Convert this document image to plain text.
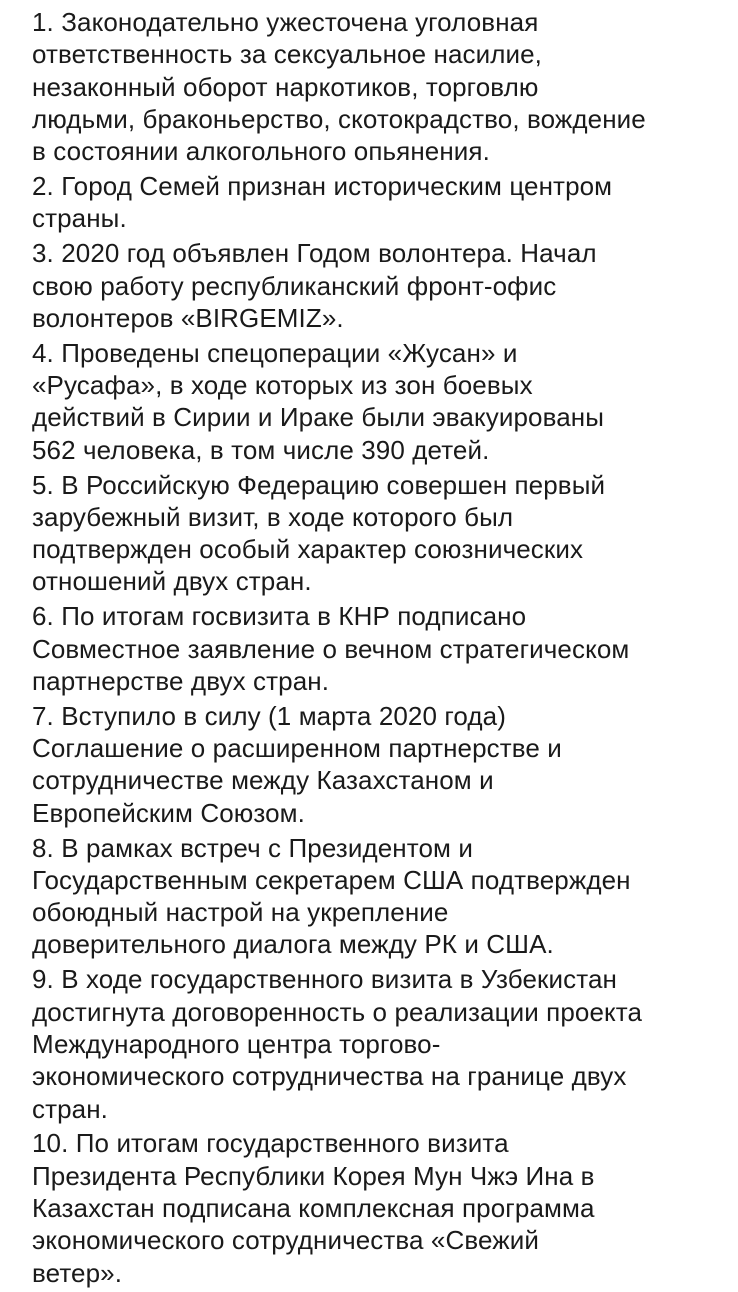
1. Законодательно ужесточена уголовная
ответственность за сексуальное насилие,
незаконный оборот наркотиков, торговлю
людьми, браконьерство, скотокрадство, вождение
в состоянии алкогольного опьянения.
2. Город Семей признан историческим центром
страны.
3. 2020 год объявлен Годом волонтера. Начал
свою работу республиканский фронт-офис
волонтеров «BIRGEMIZ».
4. Проведены спецоперации «Жусан» и
«Русафа», в ходе которых из зон боевых
действий в Сирии и Ираке были эвакуированы
562 человека, в том числе 390 детей.
5. В Российскую Федерацию совершен первый
зарубежный визит, в ходе которого был
подтвержден особый характер союзнических
отношений двух стран.
6. По итогам госвизита в КНР подписано
Совместное заявление о вечном стратегическом
партнерстве двух стран.
7. Вступило в силу (1 марта 2020 года)
Соглашение о расширенном партнерстве и
сотрудничестве между Казахстаном и
Европейским Союзом.
8. В рамках встреч с Президентом и
Государственным секретарем США подтвержден
обоюдный настрой на укрепление
доверительного диалога между РК и США.
9. В ходе государственного визита в Узбекистан
достигнута договоренность о реализации проекта
Международного центра торгово-
экономического сотрудничества на границе двух
стран.
10. По итогам государственного визита
Президента Республики Корея Мун Чжэ Ина в
Казахстан подписана комплексная программа
экономического сотрудничества «Свежий
ветер».
